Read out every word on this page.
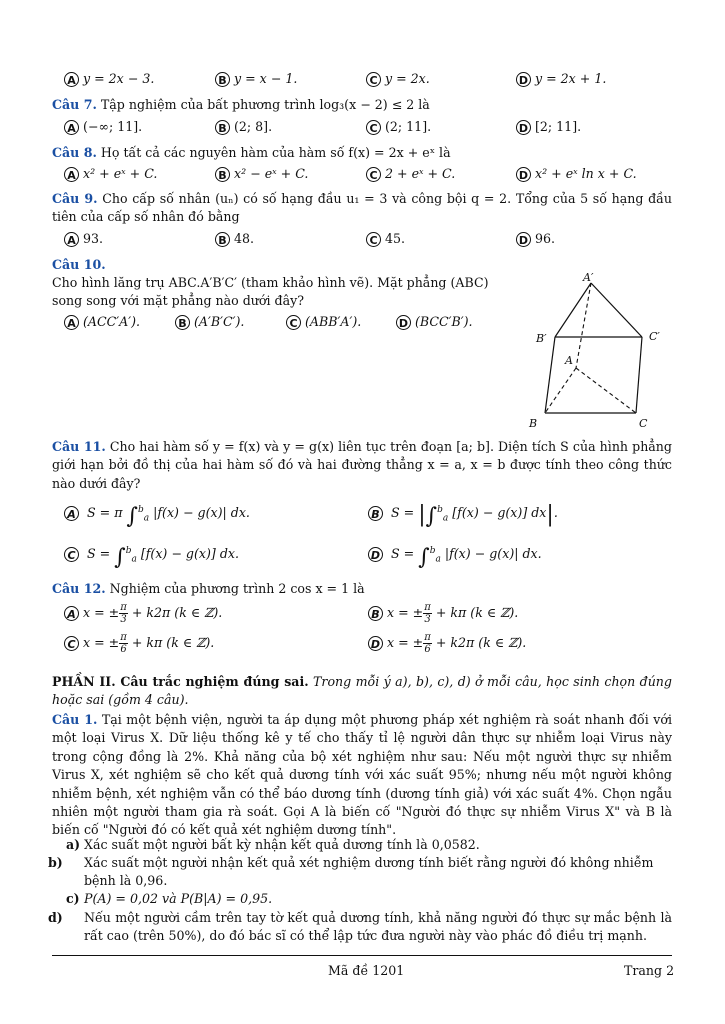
A y = 2x − 3.	B y = x − 1.	C y = 2x.	D y = 2x + 1.
Câu 7. Tập nghiệm của bất phương trình log₃(x − 2) ≤ 2 là
A (−∞; 11].	B (2; 8].	C (2; 11].	D [2; 11].
Câu 8. Họ tất cả các nguyên hàm của hàm số f(x) = 2x + eˣ là
A x² + eˣ + C.	B x² − eˣ + C.	C 2 + eˣ + C.	D x² + eˣ ln x + C.
Câu 9. Cho cấp số nhân (uₙ) có số hạng đầu u₁ = 3 và công bội q = 2. Tổng của 5 số hạng đầu tiên của cấp số nhân đó bằng
A 93.	B 48.	C 45.	D 96.
Câu 10.
Cho hình lăng trụ ABC.A′B′C′ (tham khảo hình vẽ). Mặt phẳng (ABC)
song song với mặt phẳng nào dưới đây?
A (ACC′A′).	B (A′B′C′).	C (ABB′A′).	D (BCC′B′).
A′
B′	C′
A
B	C
Câu 11. Cho hai hàm số y = f(x) và y = g(x) liên tục trên đoạn [a; b]. Diện tích S của hình phẳng giới hạn bởi đồ thị của hai hàm số đó và hai đường thẳng x = a, x = b được tính theo công thức nào dưới đây?
A S = π ∫$^b_a$ |f(x) − g(x)| dx.	B S = |∫$^b_a$ [f(x) − g(x)] dx|.
C S = ∫$^b_a$ [f(x) − g(x)] dx.	D S = ∫$^b_a$ |f(x) − g(x)| dx.
Câu 12. Nghiệm của phương trình 2 cos x = 1 là
A x = ± $\frac{\pi}{3} + k2\pi$ (k ∈ ℤ).	B x = ± $\frac{\pi}{3} + k\pi$ (k ∈ ℤ).
C x = ± $\frac{\pi}{6} + k\pi$ (k ∈ ℤ).	D x = ± $\frac{\pi}{6} + k2\pi$ (k ∈ ℤ).
PHẦN II. Câu trắc nghiệm đúng sai. Trong mỗi ý a), b), c), d) ở mỗi câu, học sinh chọn đúng hoặc sai (gồm 4 câu).
Câu 1. Tại một bệnh viện, người ta áp dụng một phương pháp xét nghiệm rà soát nhanh đối với một loại Virus X. Dữ liệu thống kê y tế cho thấy tỉ lệ người dân thực sự nhiễm loại Virus này trong cộng đồng là 2%. Khả năng của bộ xét nghiệm như sau: Nếu một người thực sự nhiễm Virus X, xét nghiệm sẽ cho kết quả dương tính với xác suất 95%; nhưng nếu một người không nhiễm bệnh, xét nghiệm vẫn có thể báo dương tính (dương tính giả) với xác suất 4%. Chọn ngẫu nhiên một người tham gia rà soát. Gọi A là biến cố "Người đó thực sự nhiễm Virus X" và B là biến cố "Người đó có kết quả xét nghiệm dương tính".
a) Xác suất một người bất kỳ nhận kết quả dương tính là 0,0582.
b) Xác suất một người nhận kết quả xét nghiệm dương tính biết rằng người đó không nhiễm bệnh là 0,96.
c) P(A) = 0,02 và P(B|A) = 0,95.
d) Nếu một người cầm trên tay tờ kết quả dương tính, khả năng người đó thực sự mắc bệnh là rất cao (trên 50%), do đó bác sĩ có thể lập tức đưa người này vào phác đồ điều trị mạnh.
Mã đề 1201	Trang 2
